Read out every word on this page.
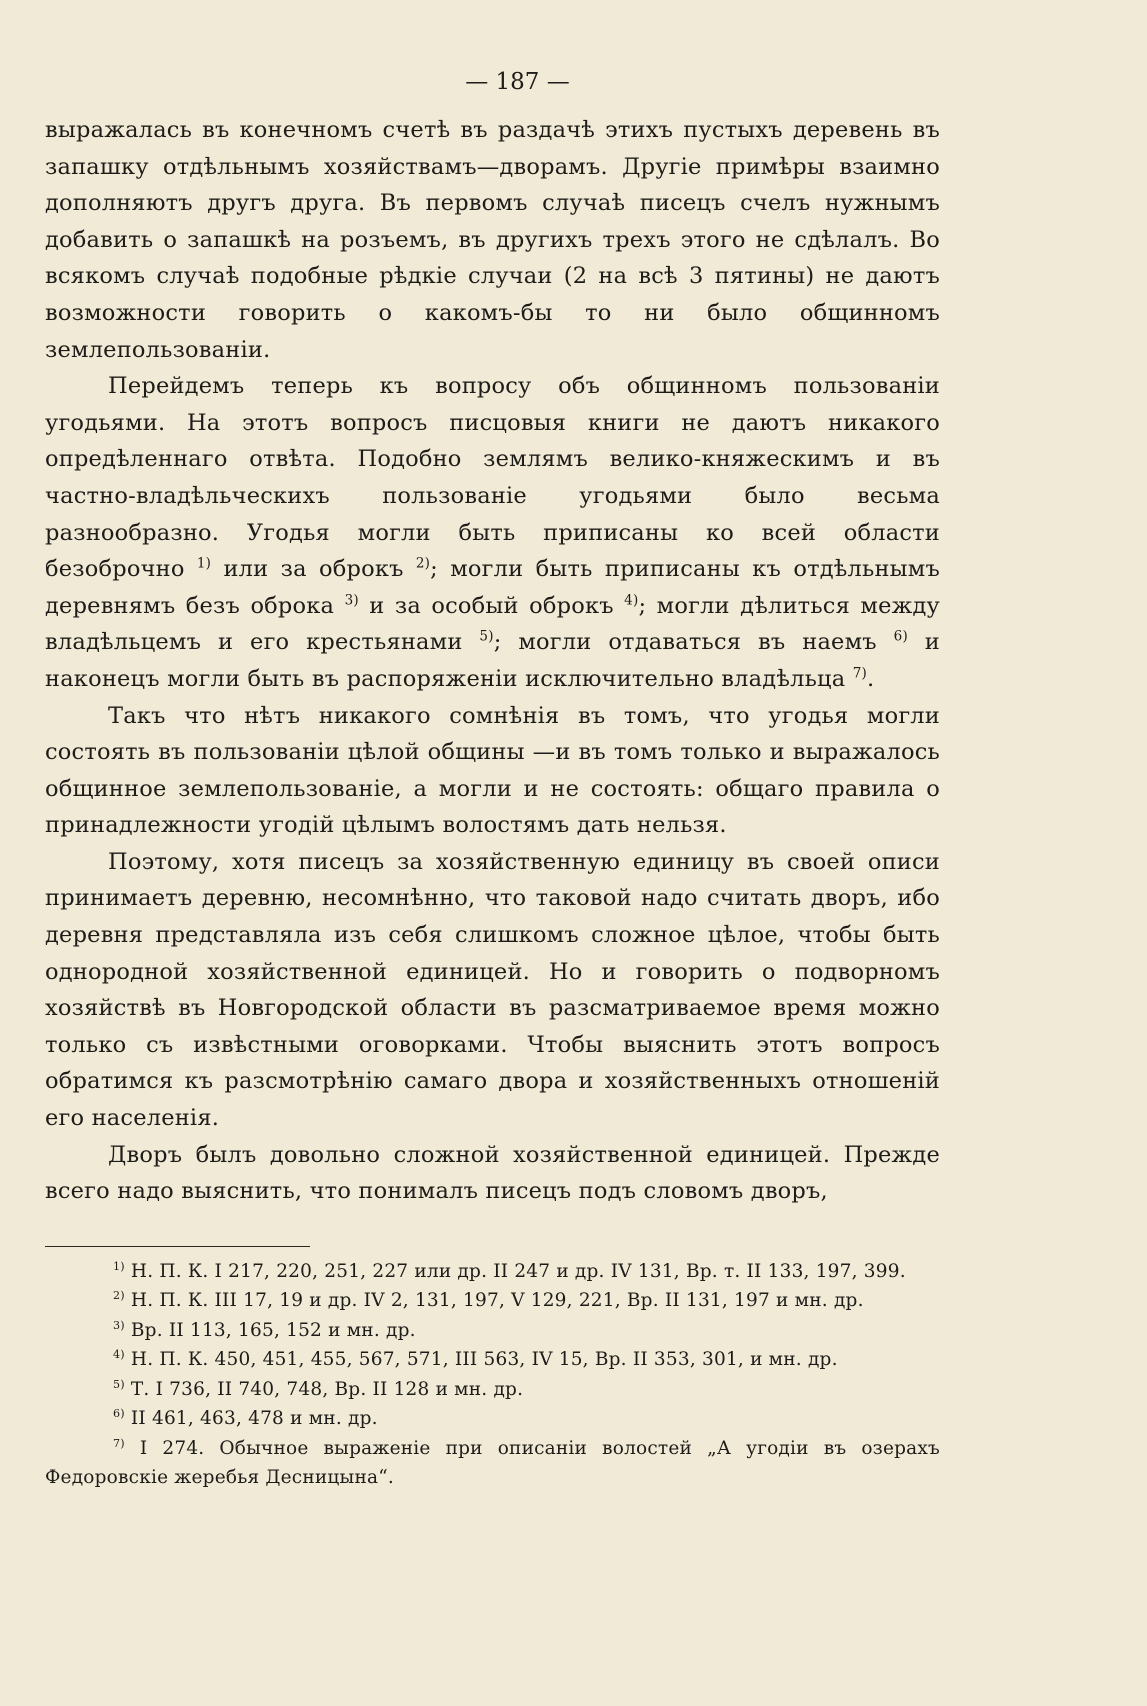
— 187 —

выражалась въ конечномъ счетѣ въ раздачѣ этихъ пустыхъ деревень въ запашку отдѣльнымъ хозяйствамъ—дворамъ. Другіе примѣры взаимно дополняютъ другъ друга. Въ первомъ случаѣ писецъ счелъ нужнымъ добавить о запашкѣ на розъемъ, въ другихъ трехъ этого не сдѣлалъ. Во всякомъ случаѣ подобные рѣдкіе случаи (2 на всѣ 3 пятины) не даютъ возможности говорить о какомъ-бы то ни было общинномъ землепользованіи.

Перейдемъ теперь къ вопросу объ общинномъ пользованіи угодьями. На этотъ вопросъ писцовыя книги не даютъ никакого опредѣленнаго отвѣта. Подобно землямъ велико-княжескимъ и въ частно-владѣльческихъ пользованіе угодьями было весьма разнообразно. Угодья могли быть приписаны ко всей области безоброчно $^{1)}$ или за оброкъ $^{2)}$; могли быть приписаны къ отдѣльнымъ деревнямъ безъ оброка $^{3)}$ и за особый оброкъ $^{4)}$; могли дѣлиться между владѣльцемъ и его крестьянами $^{5)}$; могли отдаваться въ наемъ $^{6)}$ и наконецъ могли быть въ распоряженіи исключительно владѣльца $^{7)}$.

Такъ что нѣтъ никакого сомнѣнія въ томъ, что угодья могли состоять въ пользованіи цѣлой общины —и въ томъ только и выражалось общинное землепользованіе, а могли и не состоять: общаго правила о принадлежности угодій цѣлымъ волостямъ дать нельзя.

Поэтому, хотя писецъ за хозяйственную единицу въ своей описи принимаетъ деревню, несомнѣнно, что таковой надо считать дворъ, ибо деревня представляла изъ себя слишкомъ сложное цѣлое, чтобы быть однородной хозяйственной единицей. Но и говорить о подворномъ хозяйствѣ въ Новгородской области въ разсматриваемое время можно только съ извѣстными оговорками. Чтобы выяснить этотъ вопросъ обратимся къ разсмотрѣнію самаго двора и хозяйственныхъ отношеній его населенія.

Дворъ былъ довольно сложной хозяйственной единицей. Прежде всего надо выяснить, что понималъ писецъ подъ словомъ дворъ,

$^{1)}$ Н. П. К. I 217, 220, 251, 227 или др. II 247 и др. IV 131, Вр. т. II 133, 197, 399.

$^{2)}$ Н. П. К. III 17, 19 и др. IV 2, 131, 197, V 129, 221, Вр. II 131, 197 и мн. др.

$^{3)}$ Вр. II 113, 165, 152 и мн. др.

$^{4)}$ Н. П. К. 450, 451, 455, 567, 571, III 563, IV 15, Вр. II 353, 301, и мн. др.

$^{5)}$ Т. I 736, II 740, 748, Вр. II 128 и мн. др.

$^{6)}$ II 461, 463, 478 и мн. др.

$^{7)}$ I 274. Обычное выраженіе при описаніи волостей „А угодіи въ озерахъ Федоровскіе жеребья Десницына“.
